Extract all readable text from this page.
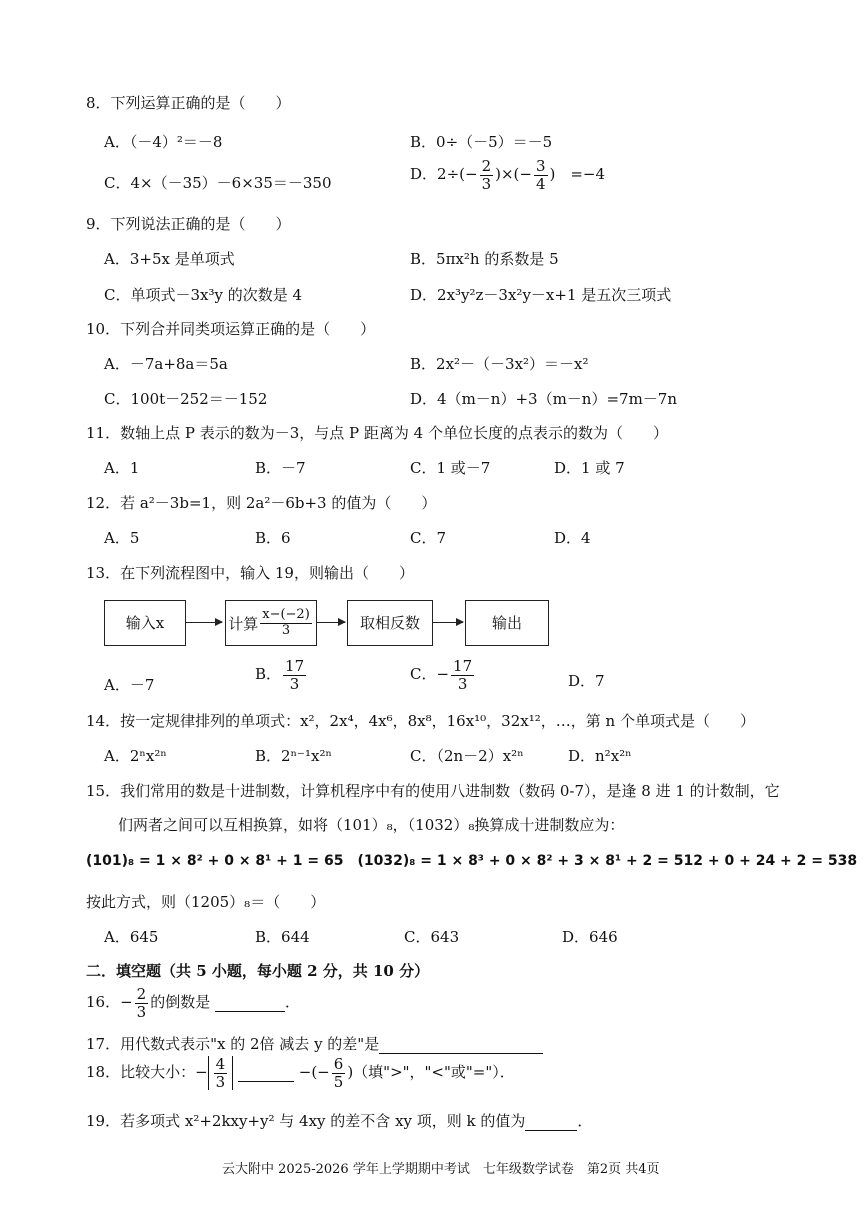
8．下列运算正确的是（　　）
A．（－4）²＝－8	B．0÷（－5）＝－5
C．4×（－35）－6×35＝－350	D．$2\div(- \frac{2}{3}$ )×(− $\frac{3}{4}$ )　=−4
9．下列说法正确的是（　　）
A．3+5x 是单项式	B．5πx²h 的系数是 5
C．单项式－3x³y 的次数是 4	D．2x³y²z－3x²y－x+1 是五次三项式
10．下列合并同类项运算正确的是（　　）
A．－7a+8a＝5a	B．2x²－（－3x²）＝－x²
C．100t－252＝－152	D．4（m－n）+3（m－n）=7m－7n
11．数轴上点 P 表示的数为－3，与点 P 距离为 4 个单位长度的点表示的数为（　　）
A．1	B．－7	C．1 或－7	D．1 或 7
12．若 a²－3b=1，则 2a²－6b+3 的值为（　　）
A．5	B．6	C．7	D．4
13．在下列流程图中，输入 19，则输出（　　）
输入x	计算 $\frac{x-(-2)}{3}$	取相反数	输出
A．－7
B． $\frac{17}{3}$	C．− $\frac{17}{3}$	D．7
14．按一定规律排列的单项式：x²，2x⁴，4x⁶，8x⁸，16x¹⁰，32x¹²，…，第 n 个单项式是（　　）
A．2ⁿx²ⁿ	B．2ⁿ⁻¹x²ⁿ	C．（2n－2）x²ⁿ	D．n²x²ⁿ
15．我们常用的数是十进制数，计算机程序中有的使用八进制数（数码 0-7），是逢 8 进 1 的计数制，它
们两者之间可以互相换算，如将（101）₈，（1032）₈换算成十进制数应为：
(101)₈ = 1 × 8² + 0 × 8¹ + 1 = 65　(1032)₈ = 1 × 8³ + 0 × 8² + 3 × 8¹ + 2 = 512 + 0 + 24 + 2 = 538
按此方式，则（1205）₈＝（　　）
A．645	B．644	C．643	D．646
二．填空题（共 5 小题，每小题 2 分，共 10 分）
16．− $\frac{2}{3}$ 的倒数是	．
17．用代数式表示"x 的 2倍 减去 y 的差"是
18．比较大小：− $\frac{4}{3}$	−(− $\frac{6}{5}$ )（填">"，"<"或"="）．
19．若多项式 x²+2kxy+y² 与 4xy 的差不含 xy 项，则 k 的值为	．
云大附中 2025-2026 学年上学期期中考试　七年级数学试卷　第2页 共4页
